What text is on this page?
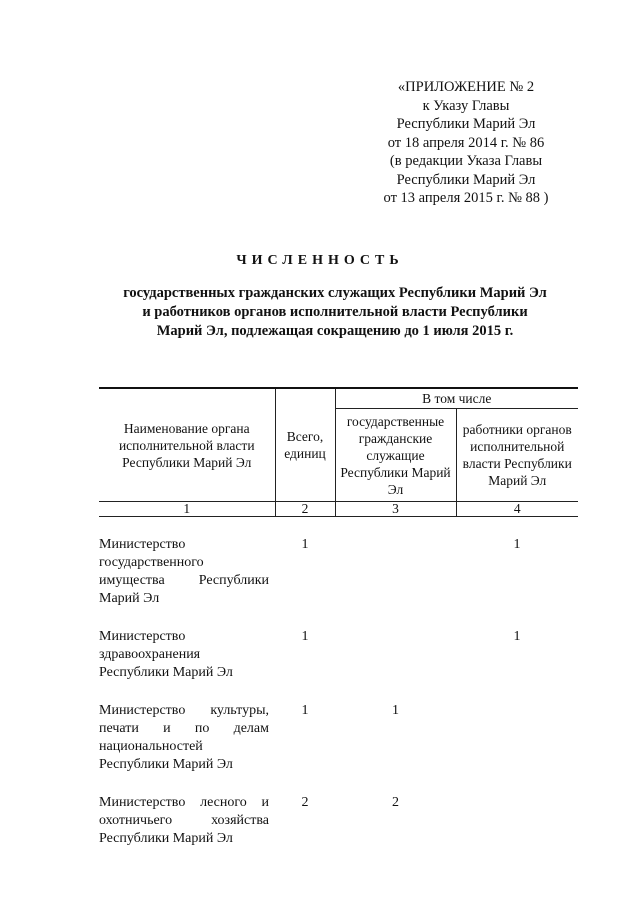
«ПРИЛОЖЕНИЕ № 2
к Указу Главы
Республики Марий Эл
от 18 апреля 2014 г. № 86
(в редакции Указа Главы
Республики Марий Эл
от 13 апреля 2015 г. № 88 )
ЧИСЛЕННОСТЬ
государственных гражданских служащих Республики Марий Эл
и работников органов исполнительной власти Республики
Марий Эл, подлежащая сокращению до 1 июля 2015 г.
Наименование органа исполнительной власти Республики Марий Эл	Всего, единиц	В том числе	
		государственные гражданские служащие Республики Марий Эл	работники органов исполнительной власти Республики Марий Эл
1	2	3	4
Министерство государственного имущества Республики Марий Эл	1		1
Министерство здравоохранения Республики Марий Эл	1		1
Министерство культуры, печати и по делам национальностей Республики Марий Эл	1	1	
Министерство лесного и охотничьего хозяйства Республики Марий Эл	2	2	
